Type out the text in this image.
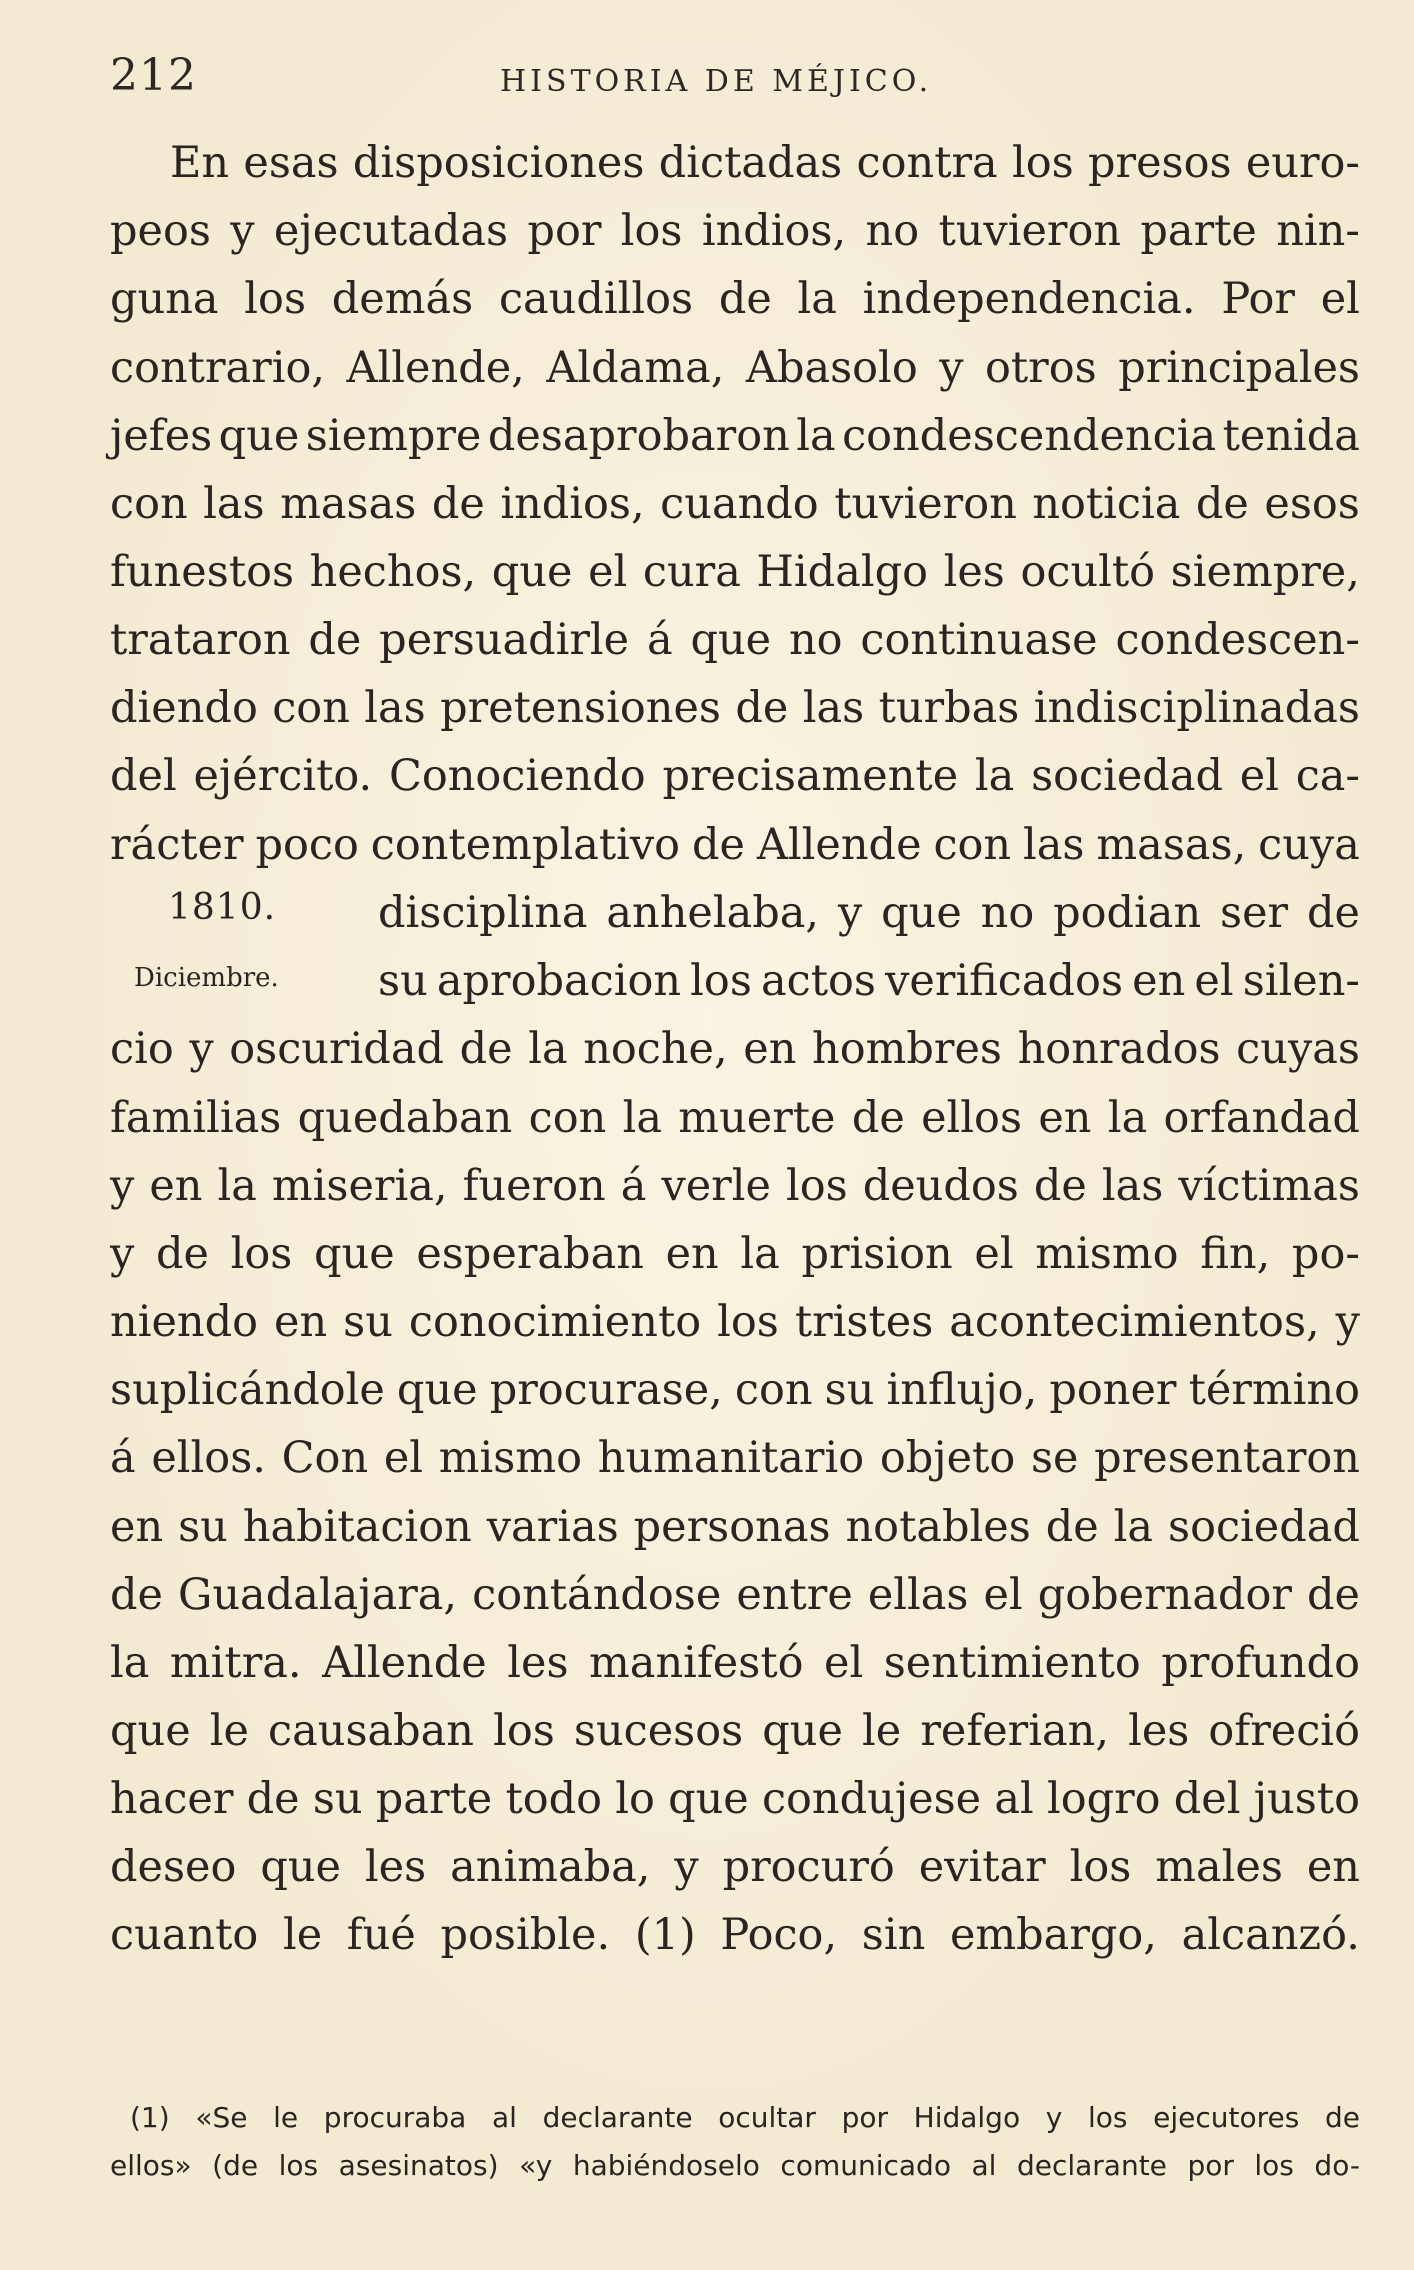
212	HISTORIA DE MÉJICO.
1810.
Diciembre.
En esas disposiciones dictadas contra los presos euro-
peos y ejecutadas por los indios, no tuvieron parte nin-
guna los demás caudillos de la independencia. Por el
contrario, Allende, Aldama, Abasolo y otros principales
jefes que siempre desaprobaron la condescendencia tenida
con las masas de indios, cuando tuvieron noticia de esos
funestos hechos, que el cura Hidalgo les ocultó siempre,
trataron de persuadirle á que no continuase condescen-
diendo con las pretensiones de las turbas indisciplinadas
del ejército. Conociendo precisamente la sociedad el ca-
rácter poco contemplativo de Allende con las masas, cuya
disciplina anhelaba, y que no podian ser de
su aprobacion los actos verificados en el silen-
cio y oscuridad de la noche, en hombres honrados cuyas
familias quedaban con la muerte de ellos en la orfandad
y en la miseria, fueron á verle los deudos de las víctimas
y de los que esperaban en la prision el mismo fin, po-
niendo en su conocimiento los tristes acontecimientos, y
suplicándole que procurase, con su influjo, poner término
á ellos. Con el mismo humanitario objeto se presentaron
en su habitacion varias personas notables de la sociedad
de Guadalajara, contándose entre ellas el gobernador de
la mitra. Allende les manifestó el sentimiento profundo
que le causaban los sucesos que le referian, les ofreció
hacer de su parte todo lo que condujese al logro del justo
deseo que les animaba, y procuró evitar los males en
cuanto le fué posible. (1) Poco, sin embargo, alcanzó.
(1) «Se le procuraba al declarante ocultar por Hidalgo y los ejecutores de
ellos» (de los asesinatos) «y habiéndoselo comunicado al declarante por los do-
